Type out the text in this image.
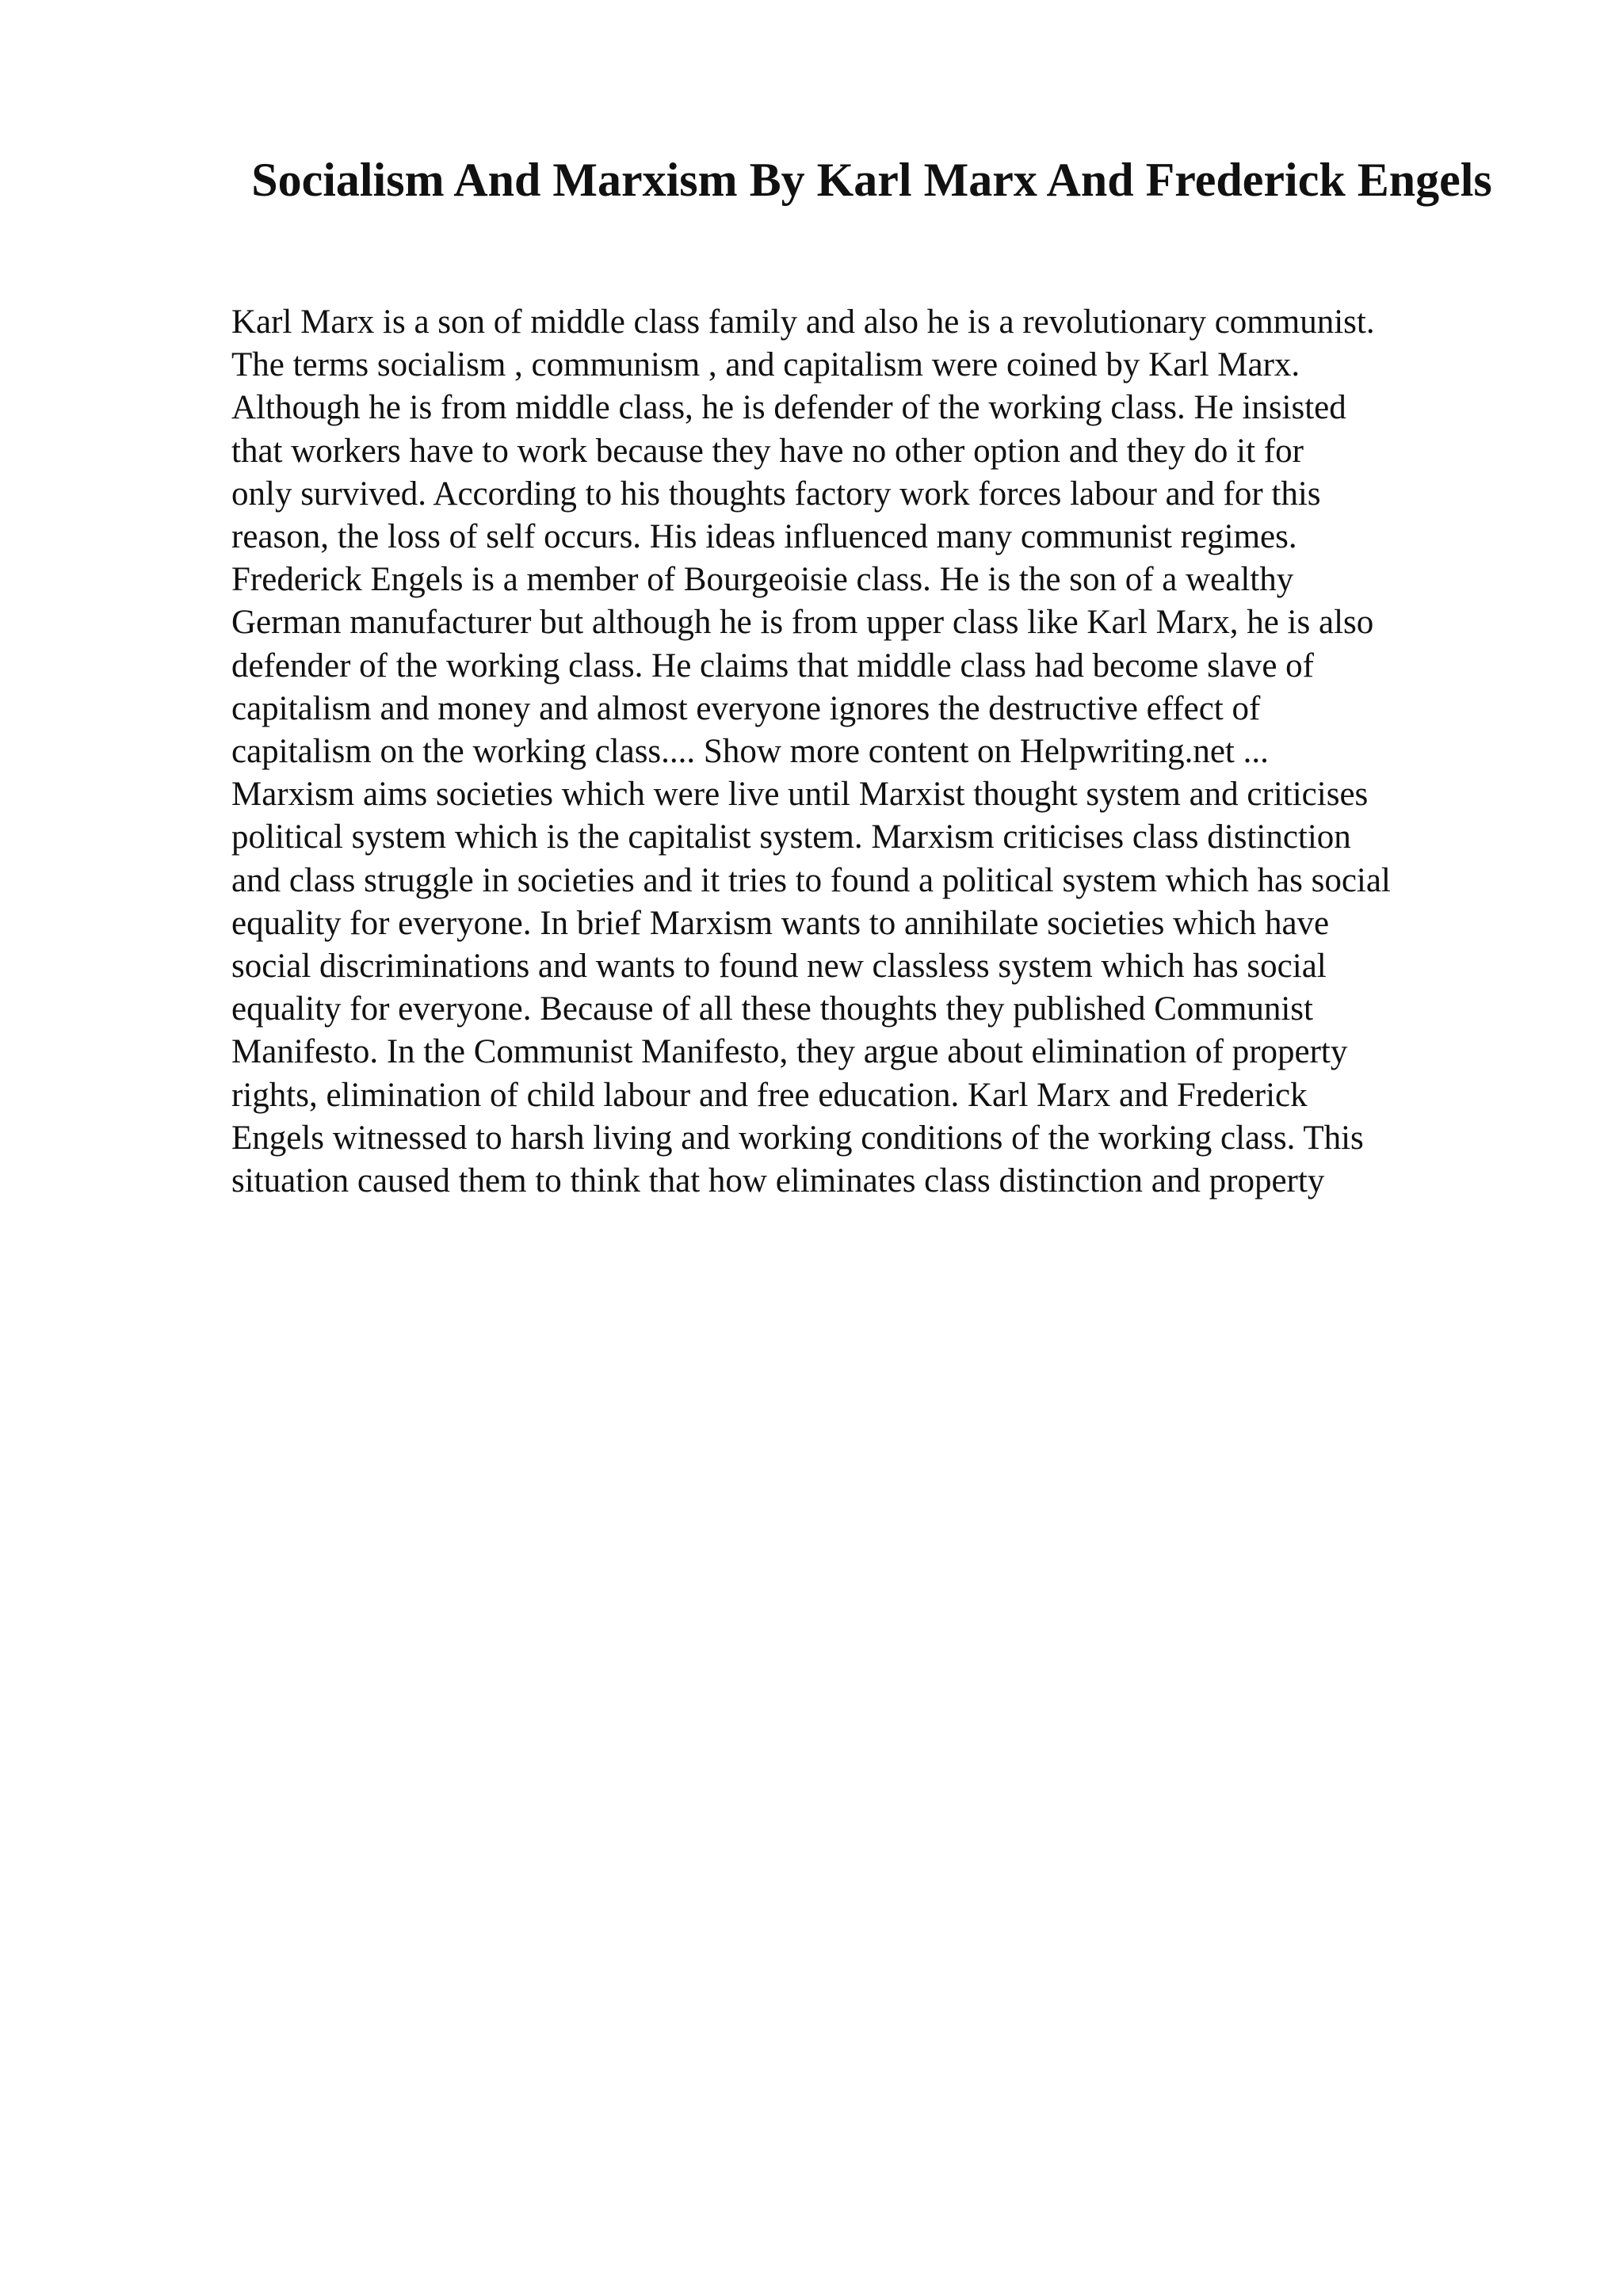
Socialism And Marxism By Karl Marx And Frederick Engels
Karl Marx is a son of middle class family and also he is a revolutionary communist.
The terms socialism , communism , and capitalism were coined by Karl Marx.
Although he is from middle class, he is defender of the working class. He insisted
that workers have to work because they have no other option and they do it for
only survived. According to his thoughts factory work forces labour and for this
reason, the loss of self occurs. His ideas influenced many communist regimes.
Frederick Engels is a member of Bourgeoisie class. He is the son of a wealthy
German manufacturer but although he is from upper class like Karl Marx, he is also
defender of the working class. He claims that middle class had become slave of
capitalism and money and almost everyone ignores the destructive effect of
capitalism on the working class.... Show more content on Helpwriting.net ...
Marxism aims societies which were live until Marxist thought system and criticises
political system which is the capitalist system. Marxism criticises class distinction
and class struggle in societies and it tries to found a political system which has social
equality for everyone. In brief Marxism wants to annihilate societies which have
social discriminations and wants to found new classless system which has social
equality for everyone. Because of all these thoughts they published Communist
Manifesto. In the Communist Manifesto, they argue about elimination of property
rights, elimination of child labour and free education. Karl Marx and Frederick
Engels witnessed to harsh living and working conditions of the working class. This
situation caused them to think that how eliminates class distinction and property
